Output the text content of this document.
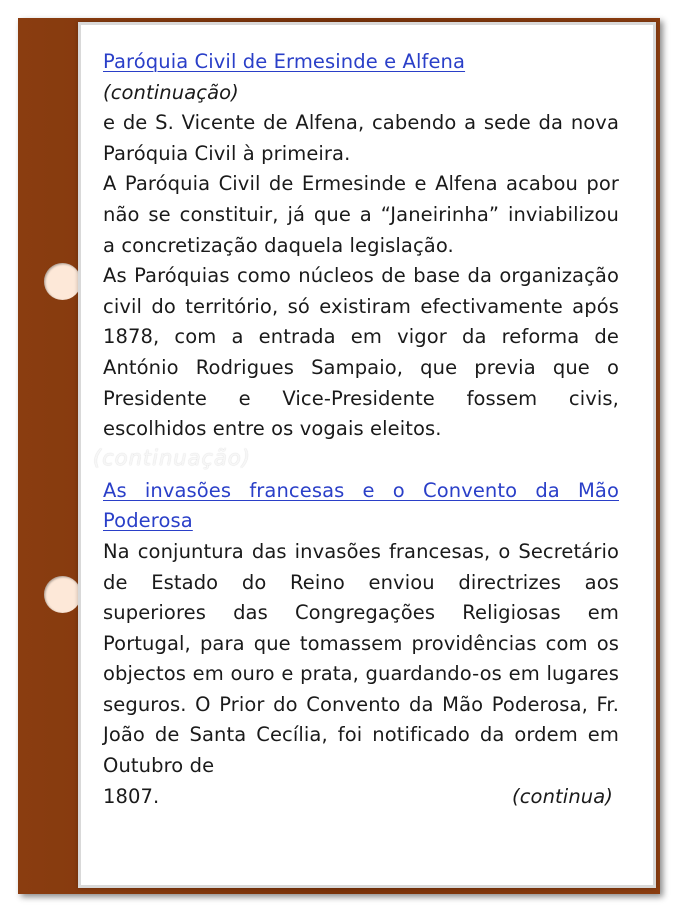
(continuação)
Paróquia Civil de Ermesinde e Alfena
(continuação)

e de S. Vicente de Alfena, cabendo a sede da nova Paróquia Civil à primeira.

A Paróquia Civil de Ermesinde e Alfena acabou por não se constituir, já que a “Janeirinha” inviabilizou a concretização daquela legislação.

As Paróquias como núcleos de base da organização civil do território, só existiram efectivamente após 1878, com a entrada em vigor da reforma de António Rodrigues Sampaio, que previa que o Presidente e Vice-Presidente fossem civis, escolhidos entre os vogais eleitos.

As invasões francesas e o Convento da Mão Poderosa

Na conjuntura das invasões francesas, o Secretário de Estado do Reino enviou directrizes aos superiores das Congregações Religiosas em Portugal, para que tomassem providências com os objectos em ouro e prata, guardando-os em lugares seguros. O Prior do Convento da Mão Poderosa, Fr. João de Santa Cecília, foi notificado da ordem em Outubro de

1807.	(continua)
